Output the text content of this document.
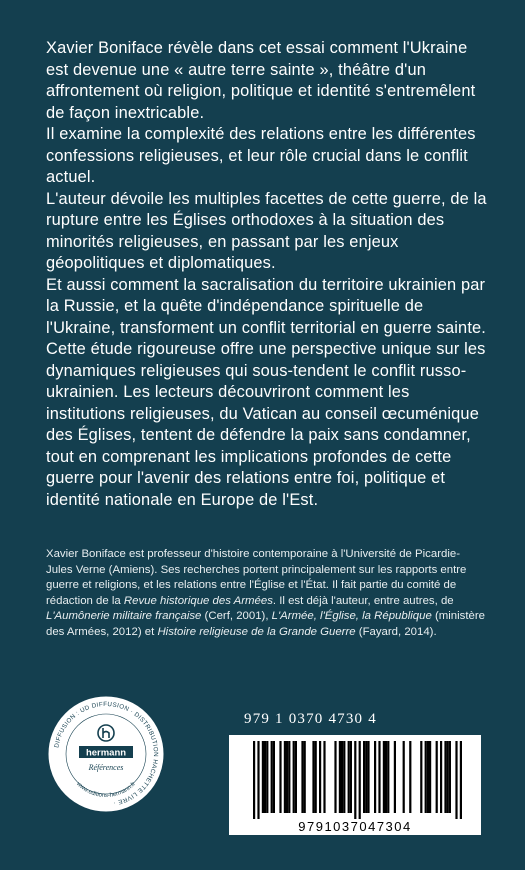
Xavier Boniface révèle dans cet essai comment l'Ukraine est devenue une « autre terre sainte », théâtre d'un affrontement où religion, politique et identité s'entremêlent de façon inextricable.

Il examine la complexité des relations entre les différentes confessions religieuses, et leur rôle crucial dans le conflit actuel.

L'auteur dévoile les multiples facettes de cette guerre, de la rupture entre les Églises orthodoxes à la situation des minorités religieuses, en passant par les enjeux géopolitiques et diplomatiques.

Et aussi comment la sacralisation du territoire ukrainien par la Russie, et la quête d'indépendance spirituelle de l'Ukraine, transforment un conflit territorial en guerre sainte.

Cette étude rigoureuse offre une perspective unique sur les dynamiques religieuses qui sous-tendent le conflit russo-ukrainien. Les lecteurs découvriront comment les institutions religieuses, du Vatican au conseil œcuménique des Églises, tentent de défendre la paix sans condamner, tout en comprenant les implications profondes de cette guerre pour l'avenir des relations entre foi, politique et identité nationale en Europe de l'Est.

Xavier Boniface est professeur d'histoire contemporaine à l'Université de Picardie-Jules Verne (Amiens). Ses recherches portent principalement sur les rapports entre guerre et religions, et les relations entre l'Église et l'État. Il fait partie du comité de rédaction de la Revue historique des Armées. Il est déjà l'auteur, entre autres, de L'Aumônerie militaire française (Cerf, 2001), L'Armée, l'Église, la République (ministère des Armées, 2012) et Histoire religieuse de la Grande Guerre (Fayard, 2014).

DIFFUSION : UD DIFFUSION · DISTRIBUTION HACHETTE LIVRE ·
www.editions-hermann.fr
hermann
Références
979 1 0370 4730 4
9791037047304
